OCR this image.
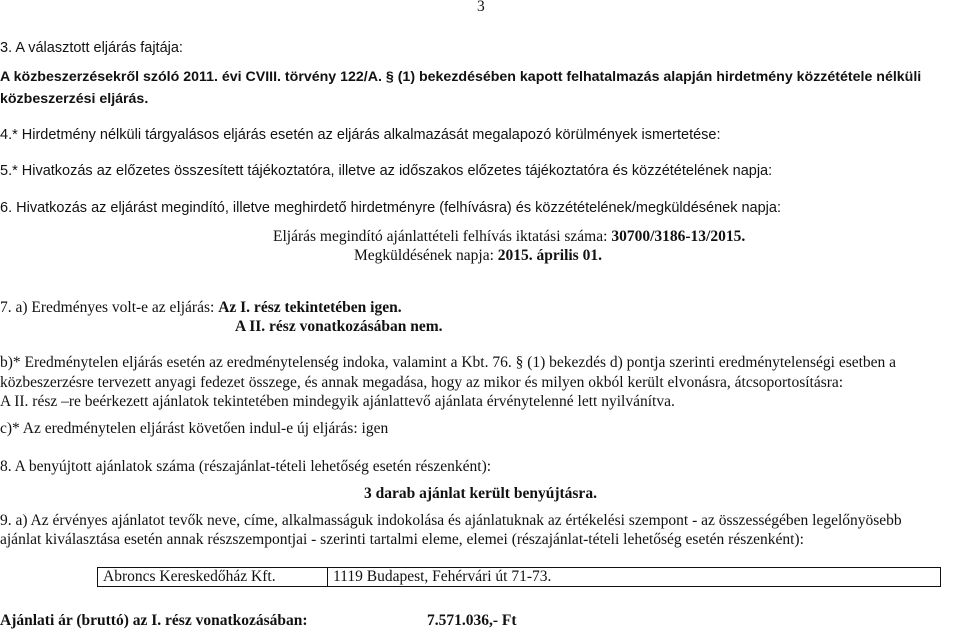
3
3. A választott eljárás fajtája:
A közbeszerzésekről szóló 2011. évi CVIII. törvény 122/A. § (1) bekezdésében kapott felhatalmazás alapján hirdetmény közzététele nélküli
közbeszerzési eljárás.
4.* Hirdetmény nélküli tárgyalásos eljárás esetén az eljárás alkalmazását megalapozó körülmények ismertetése:
5.* Hivatkozás az előzetes összesített tájékoztatóra, illetve az időszakos előzetes tájékoztatóra és közzétételének napja:
6. Hivatkozás az eljárást megindító, illetve meghirdető hirdetményre (felhívásra) és közzétételének/megküldésének napja:
Eljárás megindító ajánlattételi felhívás iktatási száma: 30700/3186-13/2015.
Megküldésének napja: 2015. április 01.
7. a) Eredményes volt-e az eljárás: Az I. rész tekintetében igen.
A II. rész vonatkozásában nem.
b)* Eredménytelen eljárás esetén az eredménytelenség indoka, valamint a Kbt. 76. § (1) bekezdés d) pontja szerinti eredménytelenségi esetben a
közbeszerzésre tervezett anyagi fedezet összege, és annak megadása, hogy az mikor és milyen okból került elvonásra, átcsoportosításra:
A II. rész –re beérkezett ajánlatok tekintetében mindegyik ajánlattevő ajánlata érvénytelenné lett nyilvánítva.
c)* Az eredménytelen eljárást követően indul-e új eljárás: igen
8. A benyújtott ajánlatok száma (részajánlat-tételi lehetőség esetén részenként):
3 darab ajánlat került benyújtásra.
9. a) Az érvényes ajánlatot tevők neve, címe, alkalmasságuk indokolása és ajánlatuknak az értékelési szempont - az összességében legelőnyösebb
ajánlat kiválasztása esetén annak részszempontjai - szerinti tartalmi eleme, elemei (részajánlat-tételi lehetőség esetén részenként):
Abroncs Kereskedőház Kft.	1119 Budapest, Fehérvári út 71-73.
Ajánlati ár (bruttó) az I. rész vonatkozásában:	7.571.036,- Ft
